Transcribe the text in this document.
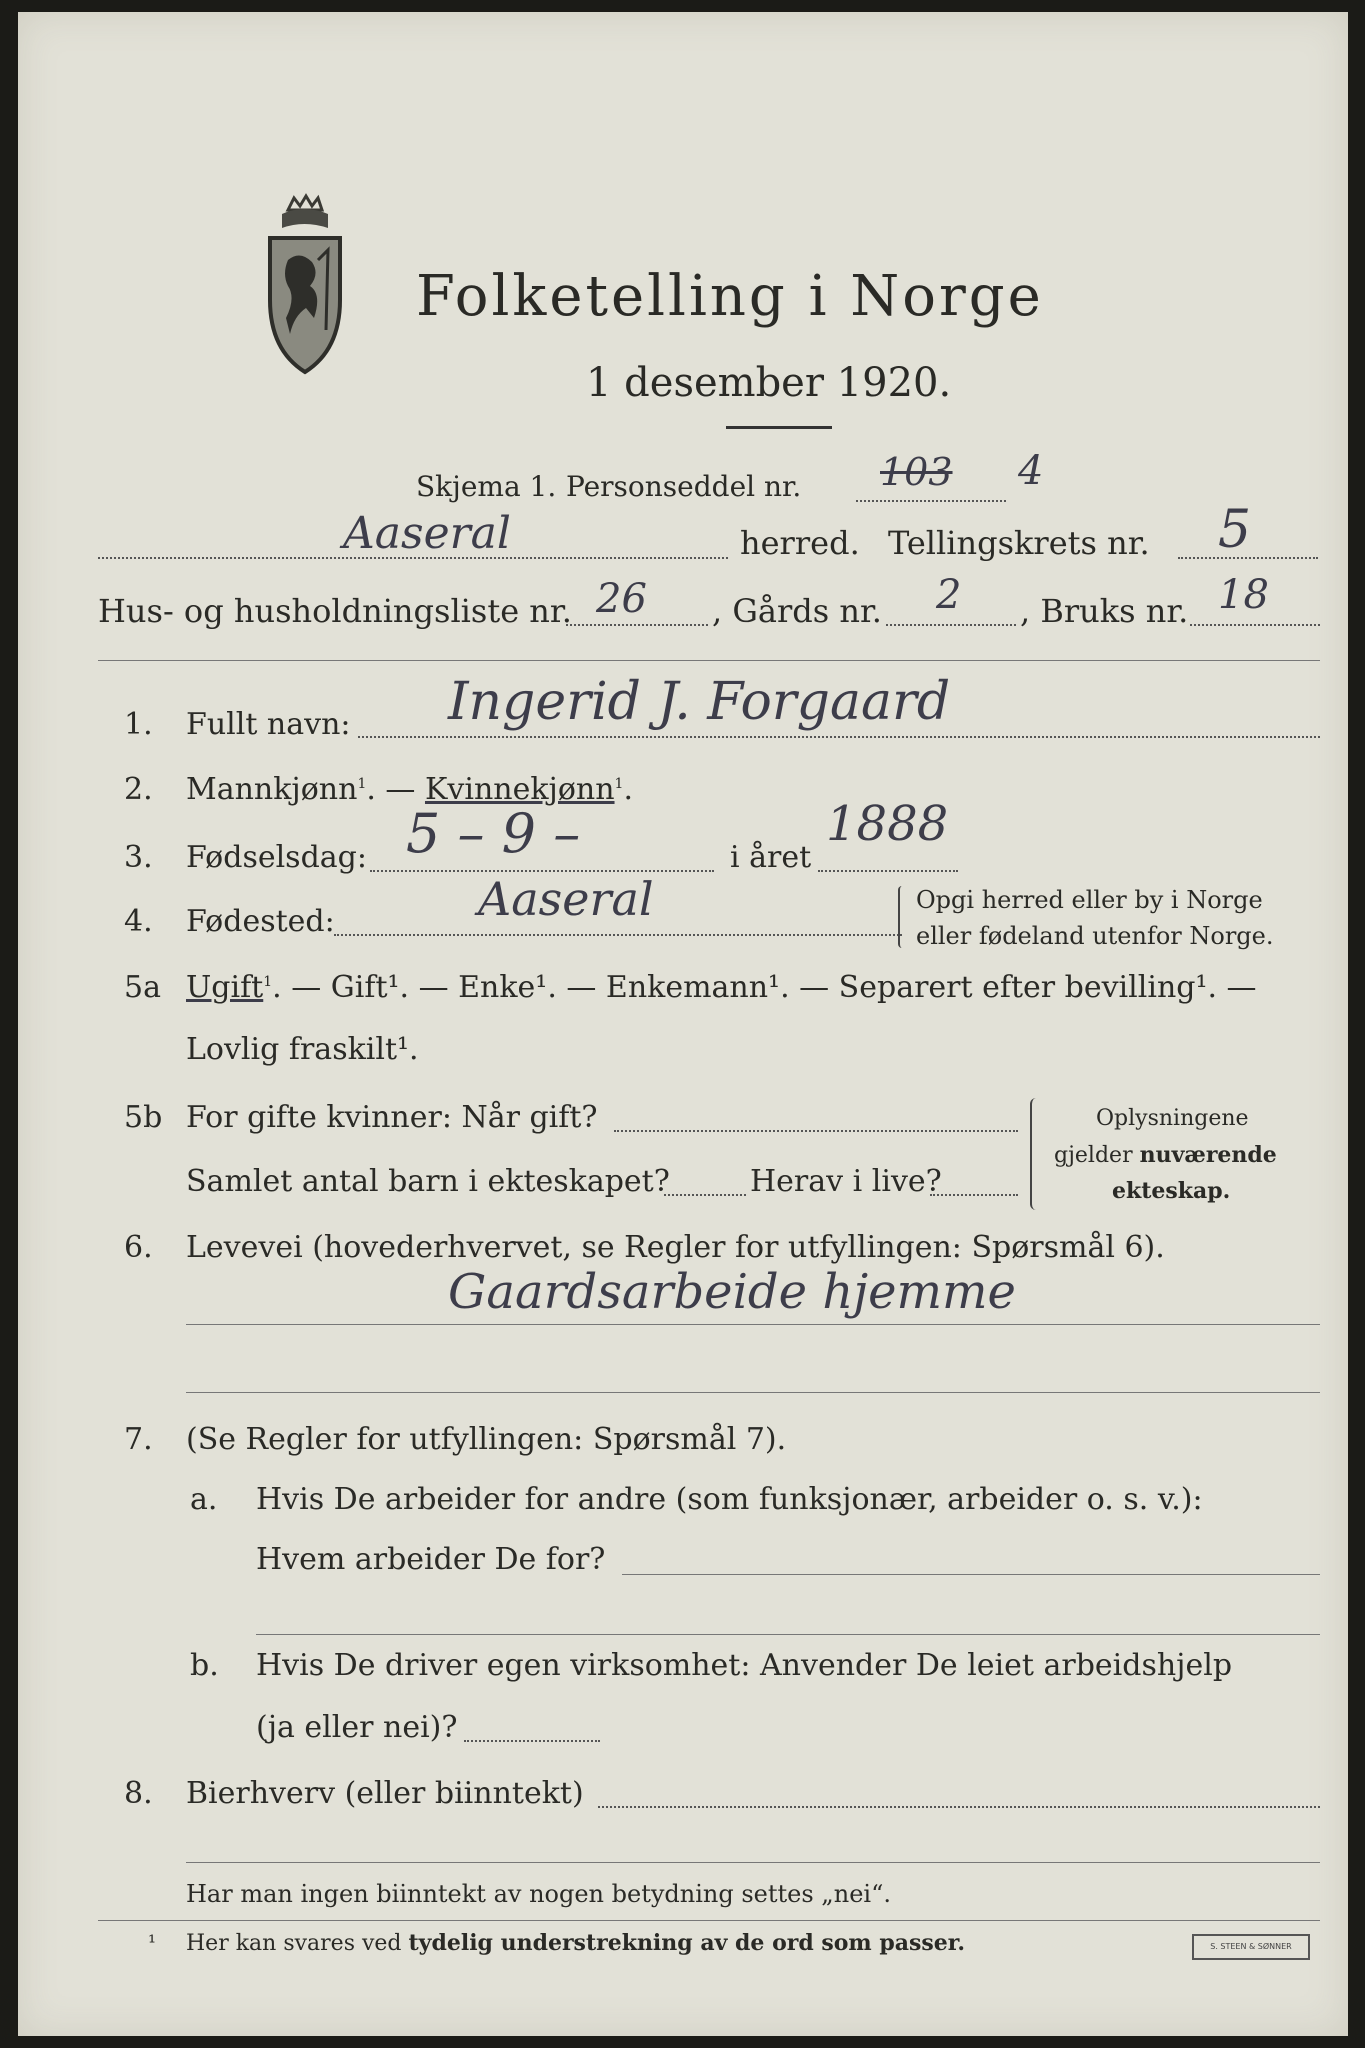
Folketelling i Norge
1 desember 1920.
Skjema 1. Personseddel nr. 103 4
Aaseral	herred. Tellingskrets nr. 5
Hus- og husholdningsliste nr. 26 , Gårds nr. 2 , Bruks nr. 18
1. Fullt navn: Ingerid J. Forgaard
2. Mannkjønn$^1$. — Kvinnekjønn$^1$.
3. Fødselsdag: 5 – 9 –	i året
1888
4. Fødested:	Aaseral	Opgi herred eller by i Norge
eller fødeland utenfor Norge.
5a Ugift$^1$. — Gift¹. — Enke¹. — Enkemann¹. — Separert efter bevilling¹. —
Lovlig fraskilt¹.
5b For gifte kvinner: Når gift?
Samlet antal barn i ekteskapet?	Herav i live?
Oplysningene
gjelder nuværende
ekteskap.
6. Levevei (hovederhvervet, se Regler for utfyllingen: Spørsmål 6).
Gaardsarbeide hjemme
7. (Se Regler for utfyllingen: Spørsmål 7).
a. Hvis De arbeider for andre (som funksjonær, arbeider o. s. v.):
Hvem arbeider De for?
b. Hvis De driver egen virksomhet: Anvender De leiet arbeidshjelp
(ja eller nei)?
8. Bierhverv (eller biinntekt)
Har man ingen biinntekt av nogen betydning settes „nei“.
¹ Her kan svares ved tydelig understrekning av de ord som passer.	S. STEEN & SØNNER
